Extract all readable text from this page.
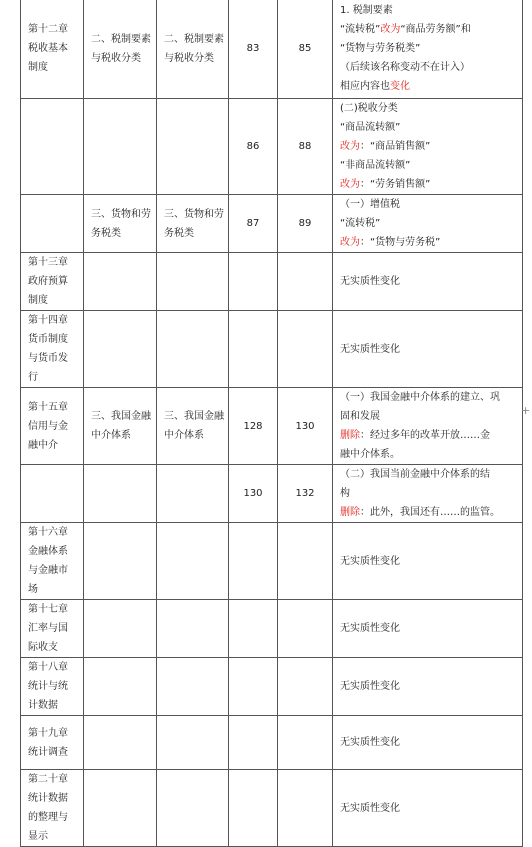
第十二章
税收基本
制度	二、税制要素
与税收分类	二、税制要素
与税收分类	83	85	1. 税制要素
“流转税”改为“商品劳务额”和
“货物与劳务税类”
（后续该名称变动不在计入）
相应内容也变化

			86	88	(二)税收分类
“商品流转额”
改为：“商品销售额”
“非商品流转额”
改为：“劳务销售额”

	三、货物和劳
务税类	三、货物和劳
务税类	87	89	（一）增值税
“流转税”
改为：“货物与劳务税”

第十三章
政府预算
制度					无实质性变化

第十四章
货币制度
与货币发
行					无实质性变化

第十五章
信用与金
融中介	三、我国金融
中介体系	三、我国金融
中介体系	128	130	（一）我国金融中介体系的建立、巩
固和发展
删除：经过多年的改革开放……金
融中介体系。

			130	132	（二）我国当前金融中介体系的结
构
删除：此外，我国还有……的监管。

第十六章
金融体系
与金融市
场					无实质性变化

第十七章
汇率与国
际收支					无实质性变化

第十八章
统计与统
计数据					无实质性变化

第十九章
统计调查					无实质性变化

第二十章
统计数据
的整理与
显示					无实质性变化
+
